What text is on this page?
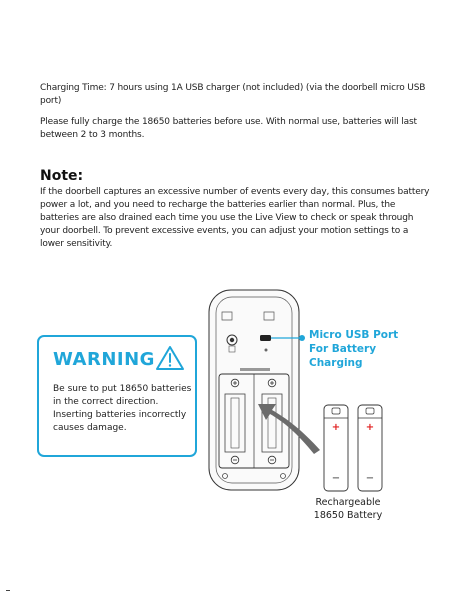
Charging Time: 7 hours using 1A USB charger (not included) (via the doorbell micro USB port)
Please fully charge the 18650 batteries before use. With normal use, batteries will last between 2 to 3 months.
Note:
If the doorbell captures an excessive number of events every day, this consumes battery power a lot, and you need to recharge the batteries earlier than normal. Plus, the batteries are also drained each time you use the Live View to check or speak through your doorbell. To prevent excessive events, you can adjust your motion settings to a lower sensitivity.
WARNING
Be sure to put 18650 batteries in the correct direction. Inserting batteries incorrectly causes damage.	+	+
−	−
Micro USB Port For Battery Charging
Rechargeable 18650 Battery
